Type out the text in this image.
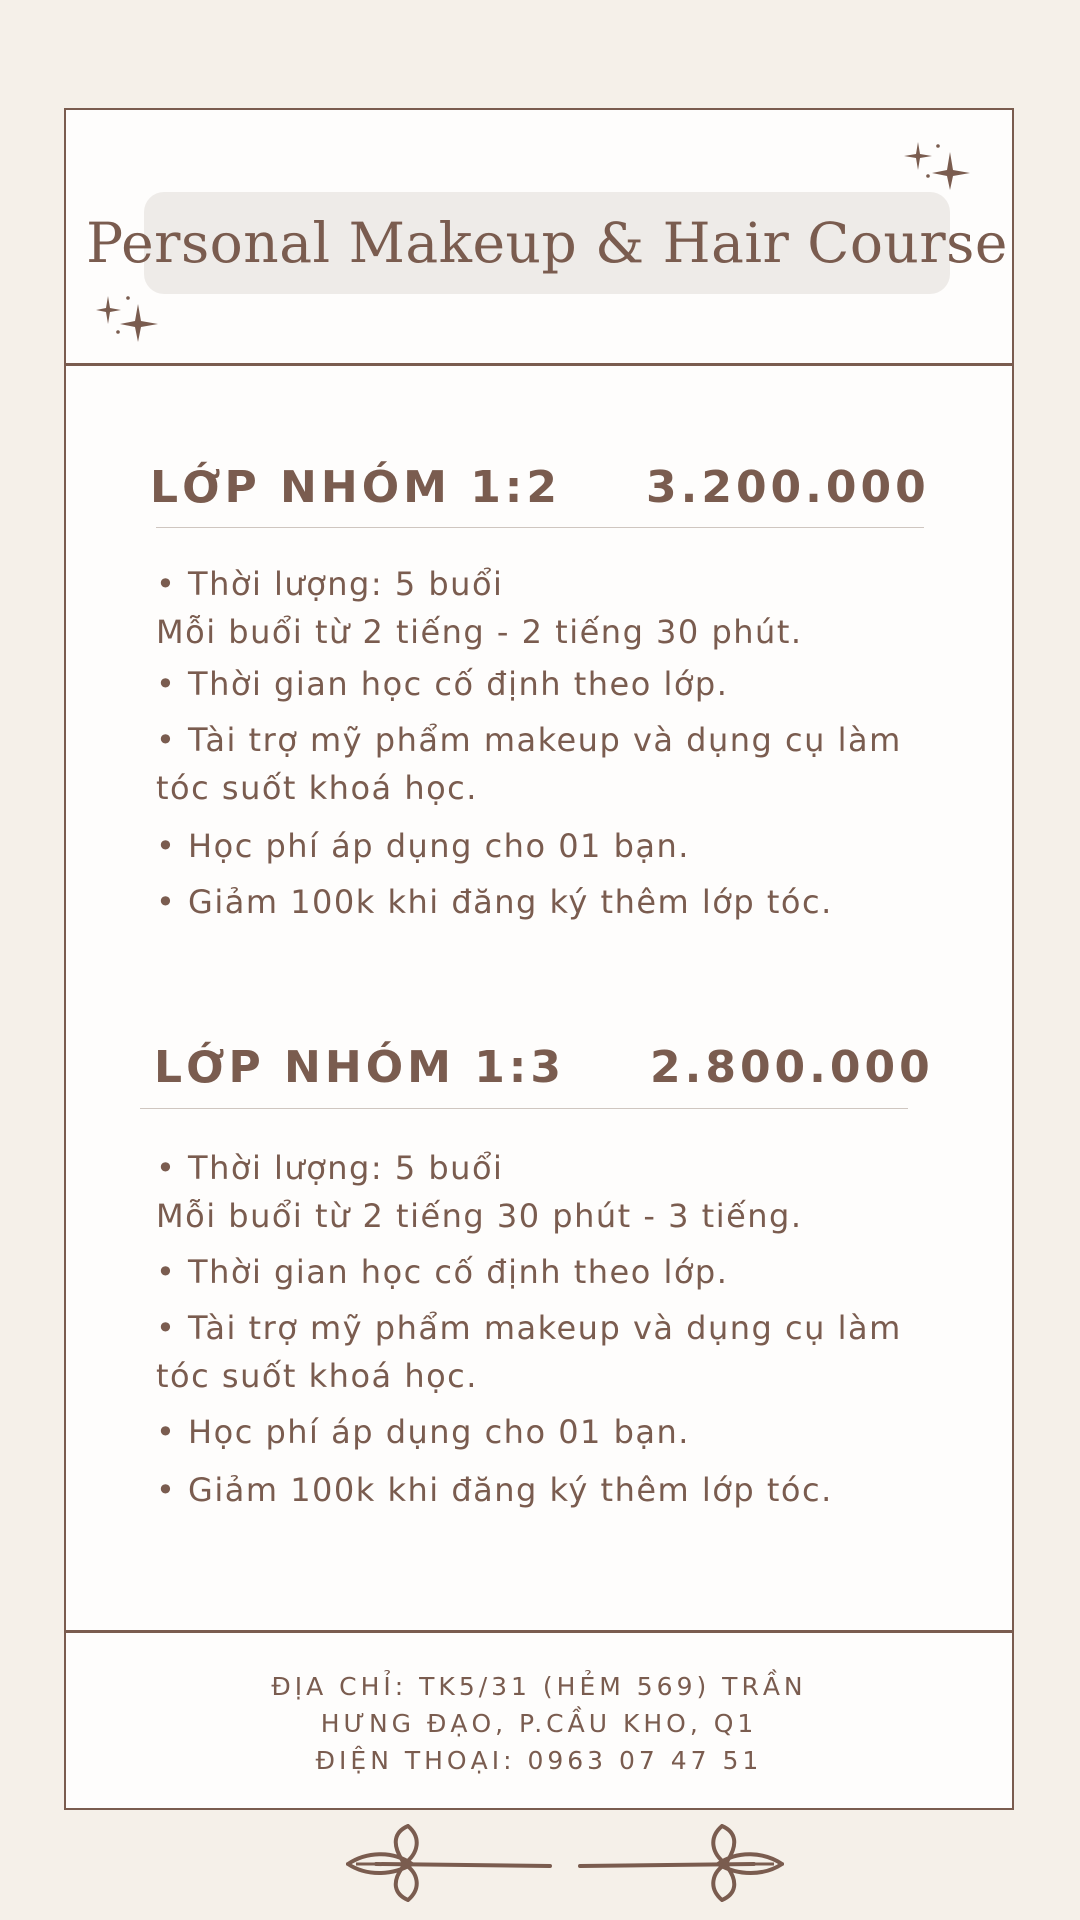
Personal Makeup & Hair Course
LỚP NHÓM 1:2 3.200.000
• Thời lượng: 5 buổi
Mỗi buổi từ 2 tiếng - 2 tiếng 30 phút.
• Thời gian học cố định theo lớp.
• Tài trợ mỹ phẩm makeup và dụng cụ làm
tóc suốt khoá học.
• Học phí áp dụng cho 01 bạn.
• Giảm 100k khi đăng ký thêm lớp tóc.
LỚP NHÓM 1:3 2.800.000
• Thời lượng: 5 buổi
Mỗi buổi từ 2 tiếng 30 phút - 3 tiếng.
• Thời gian học cố định theo lớp.
• Tài trợ mỹ phẩm makeup và dụng cụ làm
tóc suốt khoá học.
• Học phí áp dụng cho 01 bạn.
• Giảm 100k khi đăng ký thêm lớp tóc.
ĐỊA CHỈ: TK5/31 (HẺM 569) TRẦN
HƯNG ĐẠO, P.CẦU KHO, Q1
ĐIỆN THOẠI: 0963 07 47 51
